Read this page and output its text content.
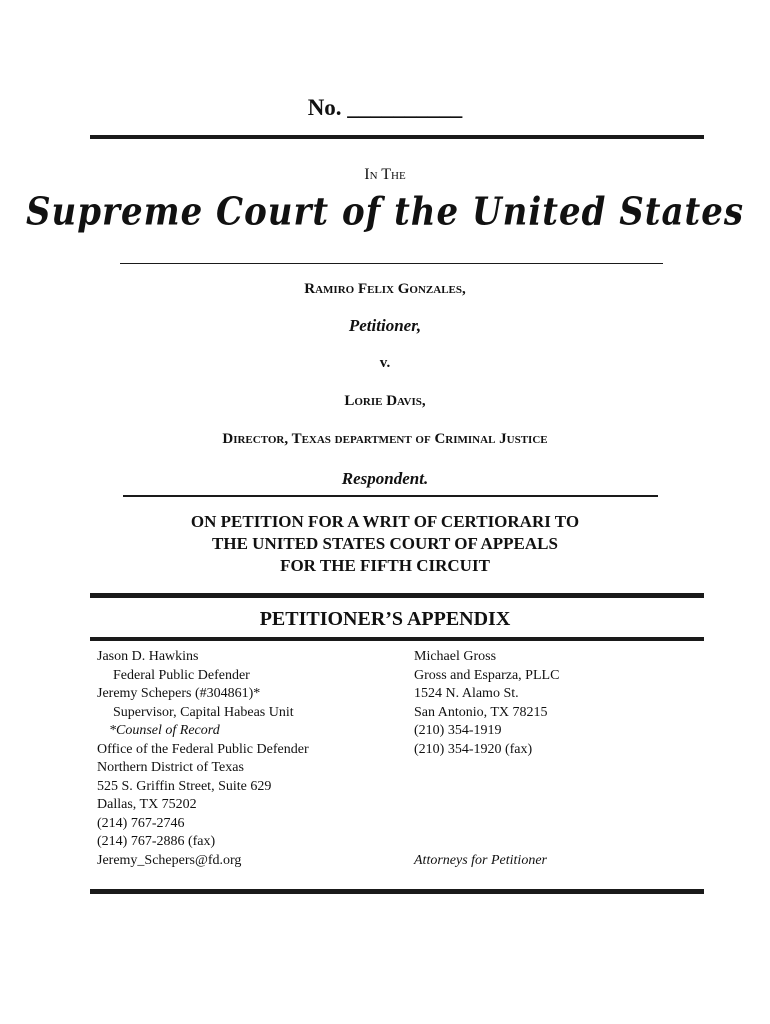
No. __________
In The
Supreme Court of the United States
Ramiro Felix Gonzales,
Petitioner,
v.
Lorie Davis,
Director, Texas department of Criminal Justice
Respondent.
ON PETITION FOR A WRIT OF CERTIORARI TO
THE UNITED STATES COURT OF APPEALS
FOR THE FIFTH CIRCUIT
PETITIONER’S APPENDIX
Jason D. Hawkins
Federal Public Defender
Jeremy Schepers (#304861)*
Supervisor, Capital Habeas Unit
*Counsel of Record
Office of the Federal Public Defender
Northern District of Texas
525 S. Griffin Street, Suite 629
Dallas, TX 75202
(214) 767-2746
(214) 767-2886 (fax)
Jeremy_Schepers@fd.org
Michael Gross
Gross and Esparza, PLLC
1524 N. Alamo St.
San Antonio, TX 78215
(210) 354-1919
(210) 354-1920 (fax)
Attorneys for Petitioner
